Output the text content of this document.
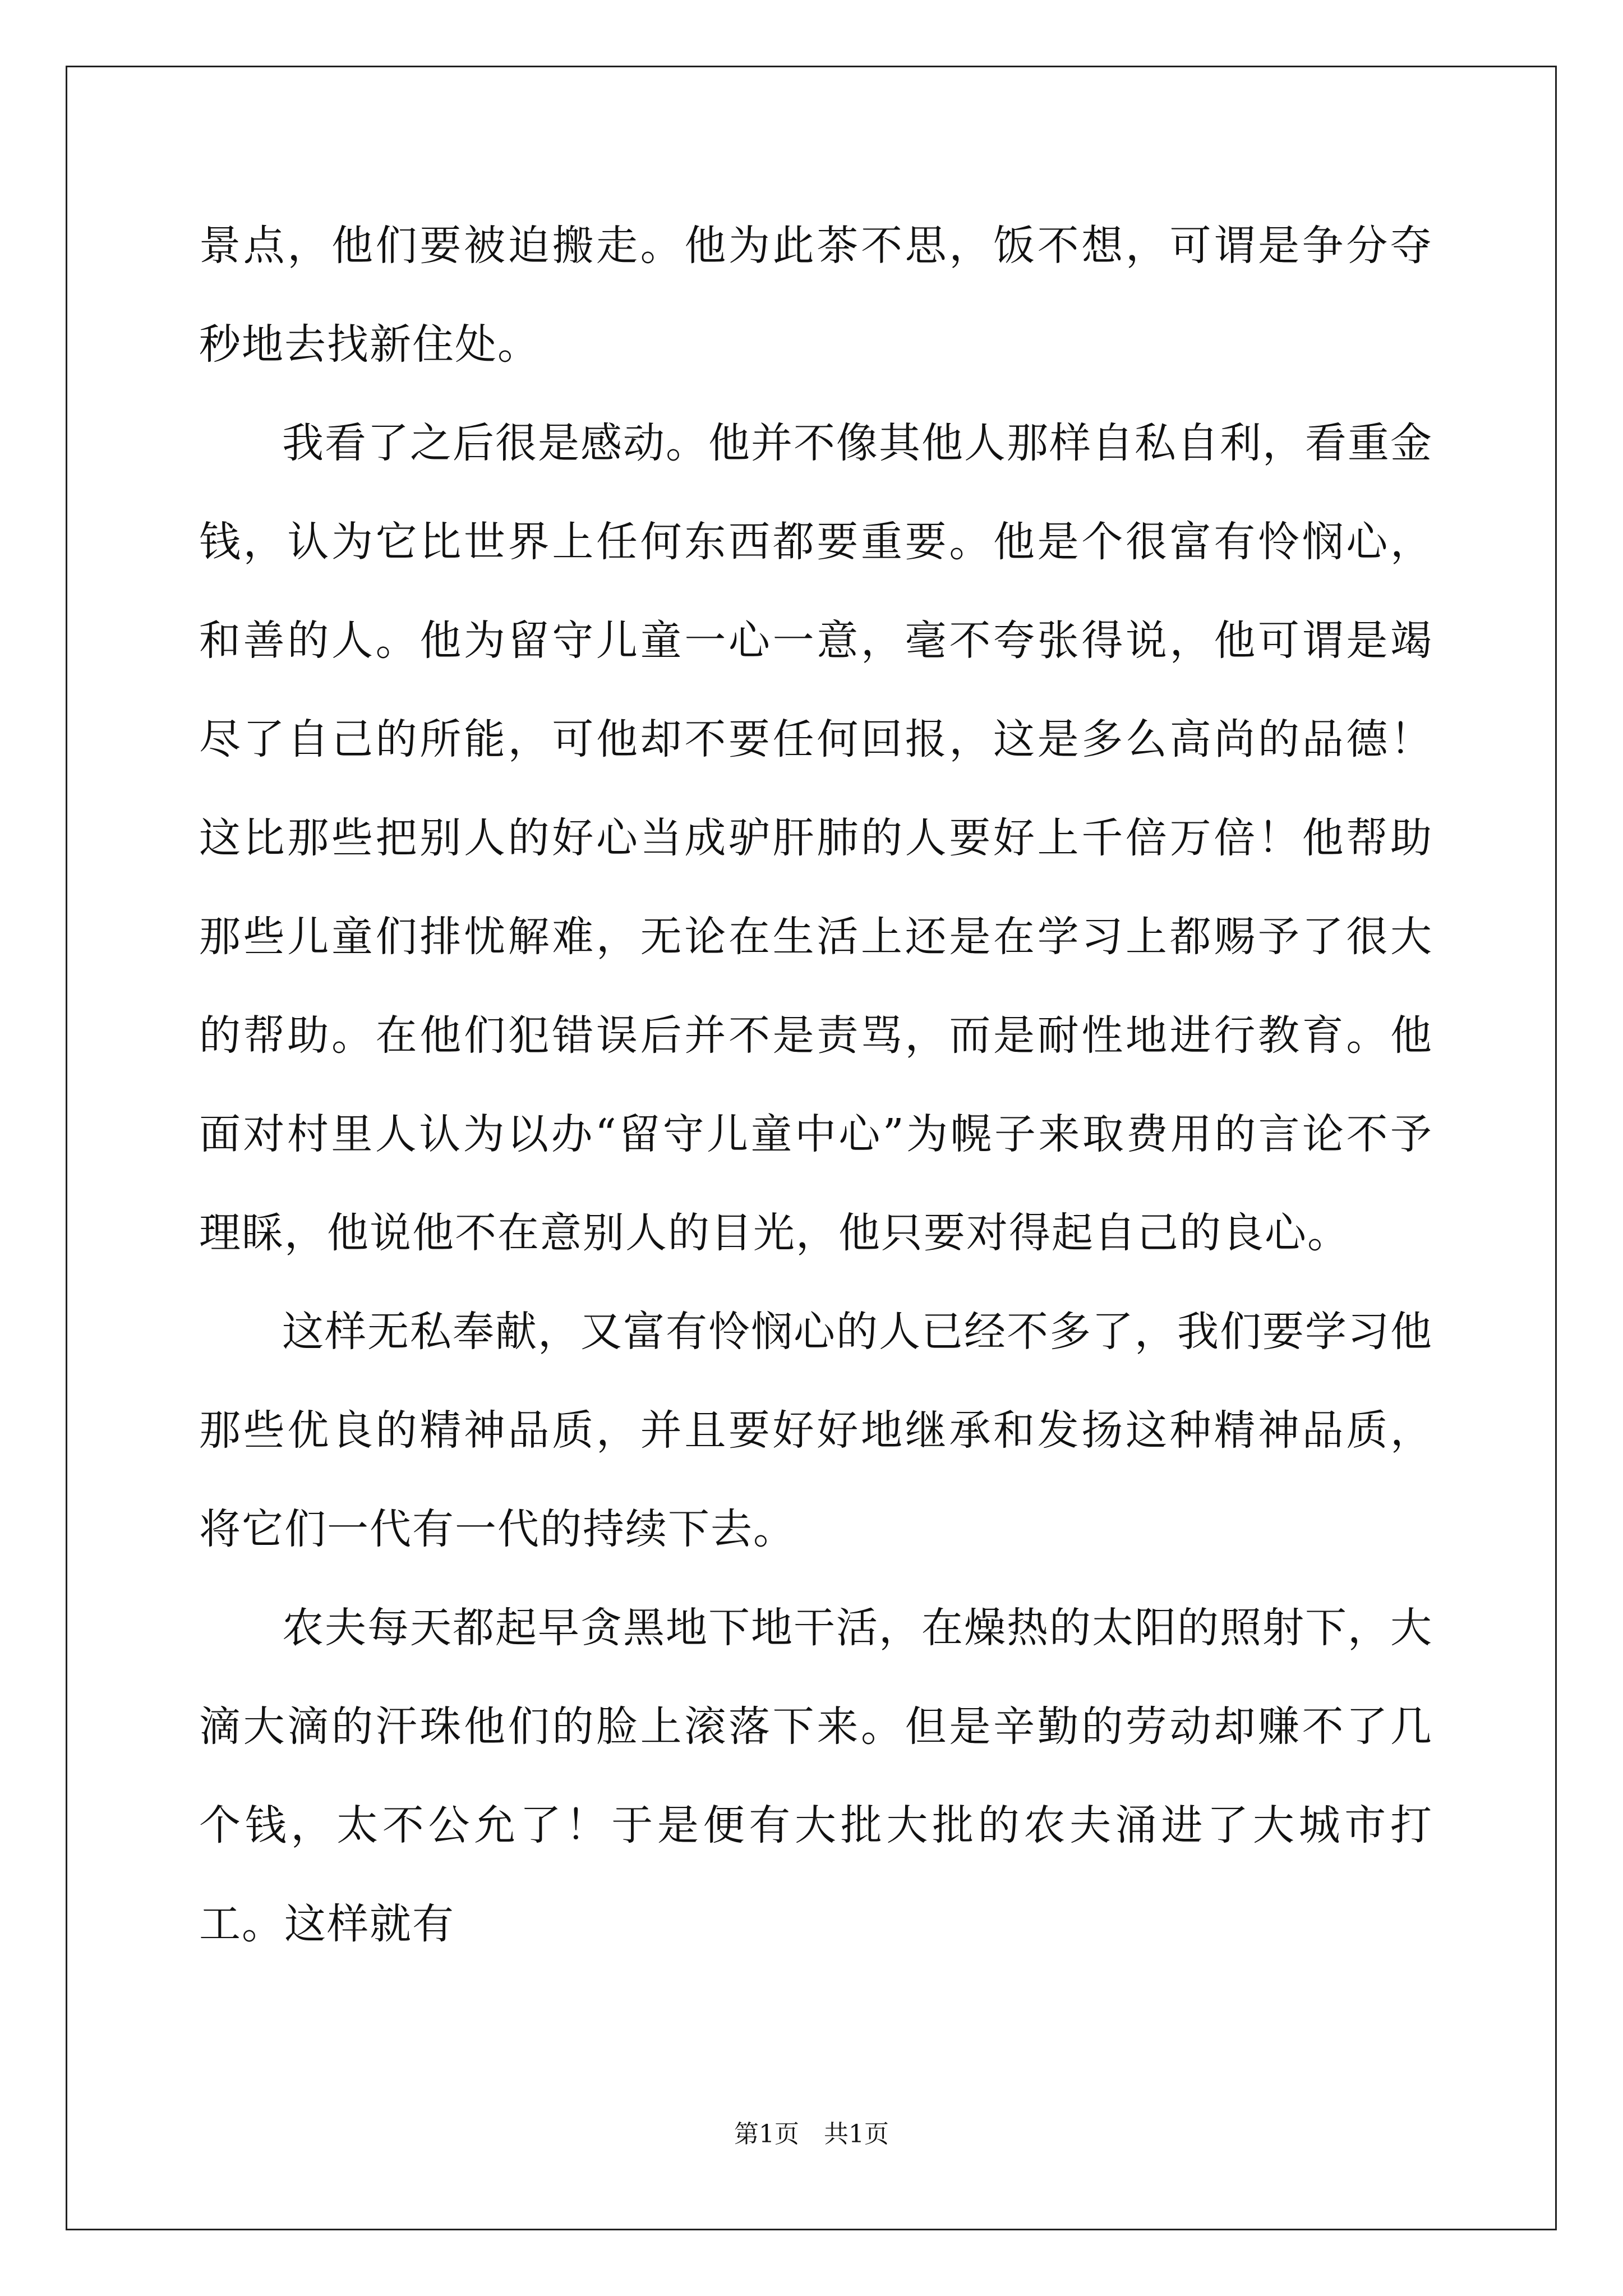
景点，他们要被迫搬走。他为此茶不思，饭不想，可谓是争分夺秒地去找新住处。

我看了之后很是感动。他并不像其他人那样自私自利，看重金钱，认为它比世界上任何东西都要重要。他是个很富有怜悯心，和善的人。他为留守儿童一心一意，毫不夸张得说，他可谓是竭尽了自己的所能，可他却不要任何回报，这是多么高尚的品德！这比那些把别人的好心当成驴肝肺的人要好上千倍万倍！他帮助那些儿童们排忧解难，无论在生活上还是在学习上都赐予了很大的帮助。在他们犯错误后并不是责骂，而是耐性地进行教育。他面对村里人认为以办“留守儿童中心”为幌子来取费用的言论不予理睬，他说他不在意别人的目光，他只要对得起自己的良心。

这样无私奉献，又富有怜悯心的人已经不多了，我们要学习他那些优良的精神品质，并且要好好地继承和发扬这种精神品质，将它们一代有一代的持续下去。

农夫每天都起早贪黑地下地干活，在燥热的太阳的照射下，大滴大滴的汗珠他们的脸上滚落下来。但是辛勤的劳动却赚不了几个钱，太不公允了！于是便有大批大批的农夫涌进了大城市打工。这样就有

第1页 共1页
